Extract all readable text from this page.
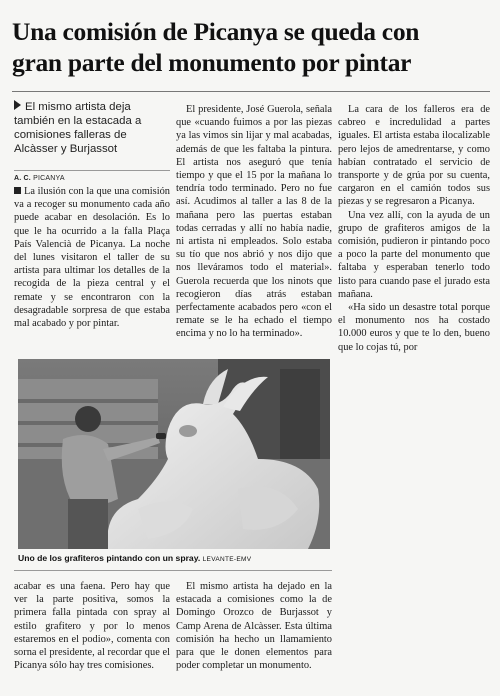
Una comisión de Picanya se queda con
gran parte del monumento por pintar
El mismo artista deja también en la estacada a comisiones falleras de Alcàsser y Burjassot
A. C. PICANYA

La ilusión con la que una comisión va a recoger su monumento cada año puede acabar en desolación. Es lo que le ha ocurrido a la falla Plaça País Valencià de Picanya. La noche del lunes visitaron el taller de su artista para ultimar los detalles de la recogida de la pieza central y el remate y se encontraron con la desagradable sorpresa de que estaba mal acabado y por pintar.

El presidente, José Guerola, señala que «cuando fuimos a por las piezas ya las vimos sin lijar y mal acabadas, además de que les faltaba la pintura. El artista nos aseguró que tenía tiempo y que el 15 por la mañana lo tendría todo terminado. Pero no fue así. Acudimos al taller a las 8 de la mañana pero las puertas estaban todas cerradas y allí no había nadie, ni artista ni empleados. Solo estaba su tío que nos abrió y nos dijo que nos lleváramos todo el material». Guerola recuerda que los ninots que recogieron días atrás estaban perfectamente acabados pero «con el remate se le ha echado el tiempo encima y no lo ha terminado».

La cara de los falleros era de cabreo e incredulidad a partes iguales. El artista estaba ilocalizable pero lejos de amedrentarse, y como habían contratado el servicio de transporte y de grúa por su cuenta, cargaron en el camión todos sus piezas y se regresaron a Picanya.

Una vez allí, con la ayuda de un grupo de grafiteros amigos de la comisión, pudieron ir pintando poco a poco la parte del monumento que faltaba y esperaban tenerlo todo listo para cuando pase el jurado esta mañana.

«Ha sido un desastre total porque el monumento nos ha costado 10.000 euros y que te lo den, bueno que lo cojas tú, por

Uno de los grafiteros pintando con un spray. LEVANTE-EMV

acabar es una faena. Pero hay que ver la parte positiva, somos la primera falla pintada con spray al estilo grafitero y por lo menos estaremos en el podio», comenta con sorna el presidente, al recordar que el Picanya sólo hay tres comisiones.

El mismo artista ha dejado en la estacada a comisiones como la de Domingo Orozco de Burjassot y Camp Arena de Alcàsser. Esta última comisión ha hecho un llamamiento para que le donen elementos para poder completar un monumento.
